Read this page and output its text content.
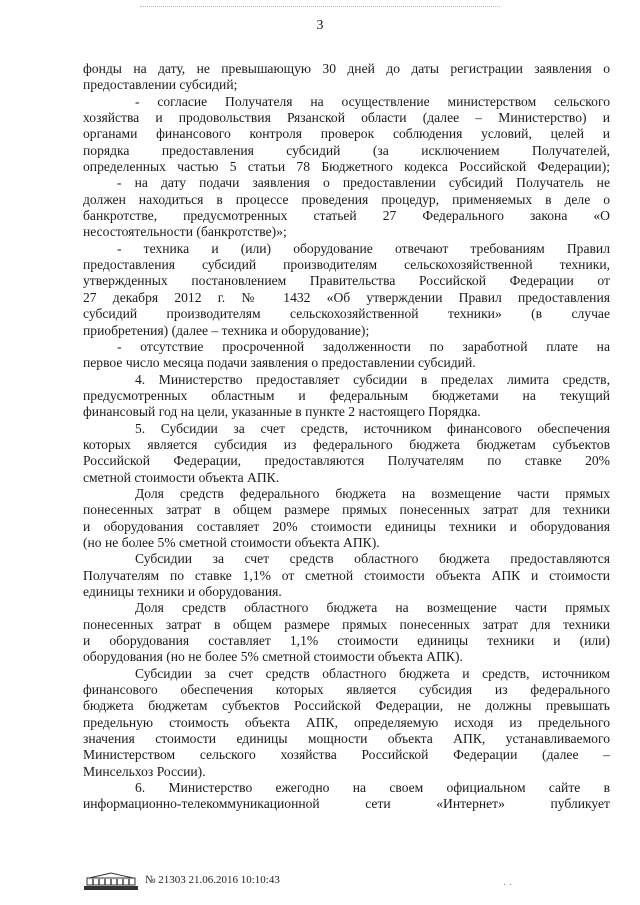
3
фонды на дату, не превышающую 30 дней до даты регистрации заявления о
предоставлении субсидий;
- согласие Получателя на осуществление министерством сельского
хозяйства и продовольствия Рязанской области (далее – Министерство) и
органами финансового контроля проверок соблюдения условий, целей и
порядка предоставления субсидий (за исключением Получателей,
определенных частью 5 статьи 78 Бюджетного кодекса Российской Федерации);
- на дату подачи заявления о предоставлении субсидий Получатель не
должен находиться в процессе проведения процедур, применяемых в деле о
банкротстве, предусмотренных статьей 27 Федерального закона «О
несостоятельности (банкротстве)»;
- техника и (или) оборудование отвечают требованиям Правил
предоставления субсидий производителям сельскохозяйственной техники,
утвержденных постановлением Правительства Российской Федерации от
27 декабря 2012 г. № 1432 «Об утверждении Правил предоставления
субсидий производителям сельскохозяйственной техники» (в случае
приобретения) (далее – техника и оборудование);
- отсутствие просроченной задолженности по заработной плате на
первое число месяца подачи заявления о предоставлении субсидий.
4. Министерство предоставляет субсидии в пределах лимита средств,
предусмотренных областным и федеральным бюджетами на текущий
финансовый год на цели, указанные в пункте 2 настоящего Порядка.
5. Субсидии за счет средств, источником финансового обеспечения
которых является субсидия из федерального бюджета бюджетам субъектов
Российской Федерации, предоставляются Получателям по ставке 20%
сметной стоимости объекта АПК.
Доля средств федерального бюджета на возмещение части прямых
понесенных затрат в общем размере прямых понесенных затрат для техники
и оборудования составляет 20% стоимости единицы техники и оборудования
(но не более 5% сметной стоимости объекта АПК).
Субсидии за счет средств областного бюджета предоставляются
Получателям по ставке 1,1% от сметной стоимости объекта АПК и стоимости
единицы техники и оборудования.
Доля средств областного бюджета на возмещение части прямых
понесенных затрат в общем размере прямых понесенных затрат для техники
и оборудования составляет 1,1% стоимости единицы техники и (или)
оборудования (но не более 5% сметной стоимости объекта АПК).
Субсидии за счет средств областного бюджета и средств, источником
финансового обеспечения которых является субсидия из федерального
бюджета бюджетам субъектов Российской Федерации, не должны превышать
предельную стоимость объекта АПК, определяемую исходя из предельного
значения стоимости единицы мощности объекта АПК, устанавливаемого
Министерством сельского хозяйства Российской Федерации (далее –
Минсельхоз России).
6. Министерство ежегодно на своем официальном сайте в
информационно-телекоммуникационной сети «Интернет» публикует
№ 21303 21.06.2016 10:10:43	· ·
